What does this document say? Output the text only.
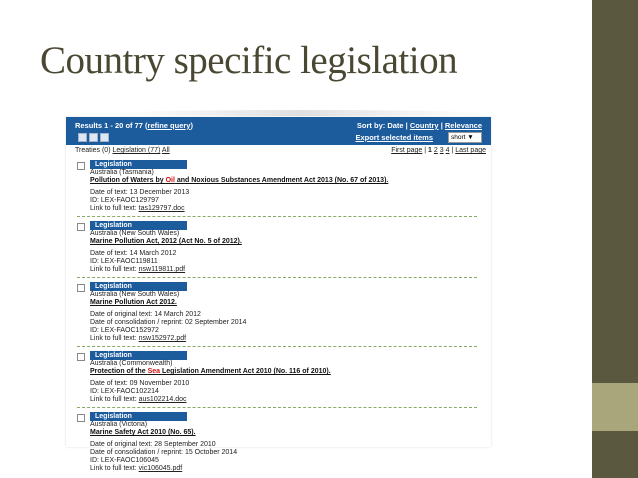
Country specific legislation
Results 1 - 20 of 77 (refine query)	Sort by: Date | Country | Relevance
Export selected items	short ▼
Treaties (0) Legislation (77) All	First page | 1 2 3 4 | Last page
Legislation
Australia (Tasmania)
Pollution of Waters by Oil and Noxious Substances Amendment Act 2013 (No. 67 of 2013).
Date of text: 13 December 2013
ID: LEX-FAOC129797
Link to full text: tas129797.doc
Legislation
Australia (New South Wales)
Marine Pollution Act, 2012 (Act No. 5 of 2012).
Date of text: 14 March 2012
ID: LEX-FAOC119811
Link to full text: nsw119811.pdf
Legislation
Australia (New South Wales)
Marine Pollution Act 2012.
Date of original text: 14 March 2012
Date of consolidation / reprint: 02 September 2014
ID: LEX-FAOC152972
Link to full text: nsw152972.pdf
Legislation
Australia (Commonwealth)
Protection of the Sea Legislation Amendment Act 2010 (No. 116 of 2010).
Date of text: 09 November 2010
ID: LEX-FAOC102214
Link to full text: aus102214.doc
Legislation
Australia (Victoria)
Marine Safety Act 2010 (No. 65).
Date of original text: 28 September 2010
Date of consolidation / reprint: 15 October 2014
ID: LEX-FAOC106045
Link to full text: vic106045.pdf
